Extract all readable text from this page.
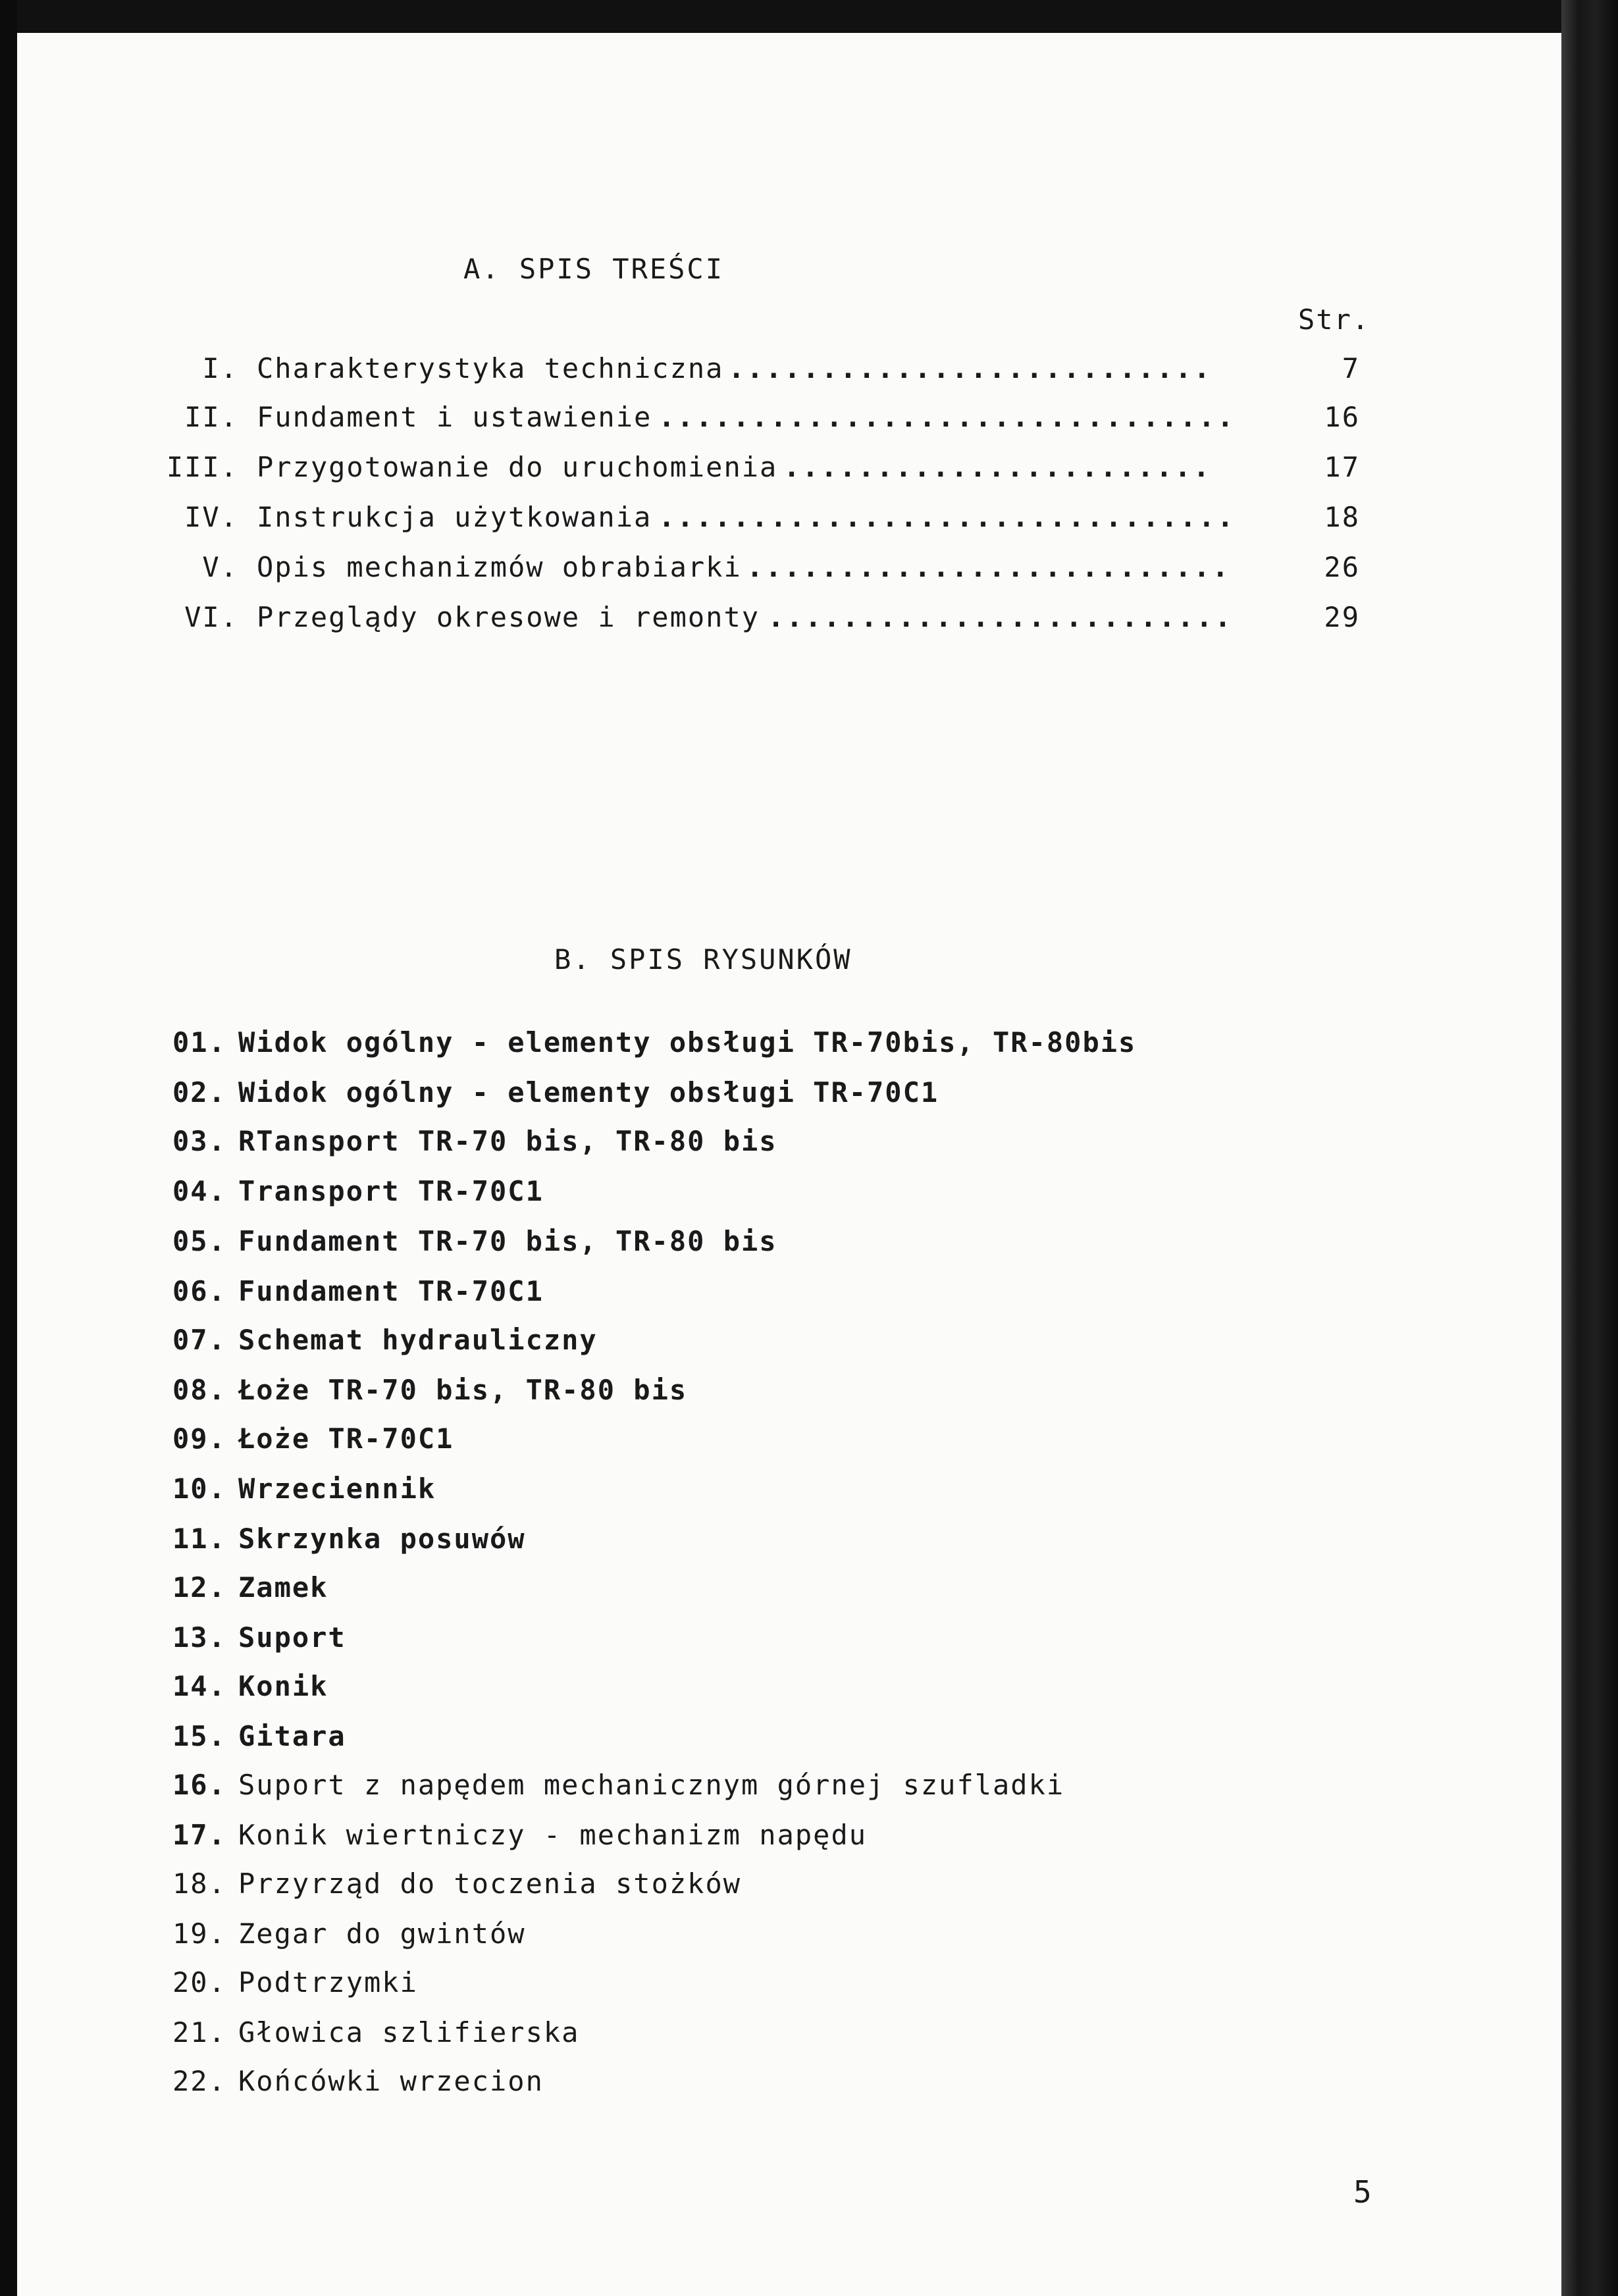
A. SPIS TREŚCI
Str.
I. Charakterystyka techniczna ..........................	7
II. Fundament i ustawienie ...............................	16
III. Przygotowanie do uruchomienia .......................	17
IV. Instrukcja użytkowania ...............................	18
V. Opis mechanizmów obrabiarki ..........................	26
VI. Przeglądy okresowe i remonty .........................	29
B. SPIS RYSUNKÓW
01. Widok ogólny - elementy obsługi TR-70bis, TR-80bis
02. Widok ogólny - elementy obsługi TR-70C1
03. RTansport TR-70 bis, TR-80 bis
04. Transport TR-70C1
05. Fundament TR-70 bis, TR-80 bis
06. Fundament TR-70C1
07. Schemat hydrauliczny
08. Łoże TR-70 bis, TR-80 bis
09. Łoże TR-70C1
10. Wrzeciennik
11. Skrzynka posuwów
12. Zamek
13. Suport
14. Konik
15. Gitara
16. Suport z napędem mechanicznym górnej szufladki
17. Konik wiertniczy - mechanizm napędu
18. Przyrząd do toczenia stożków
19. Zegar do gwintów
20. Podtrzymki
21. Głowica szlifierska
22. Końcówki wrzecion
5
